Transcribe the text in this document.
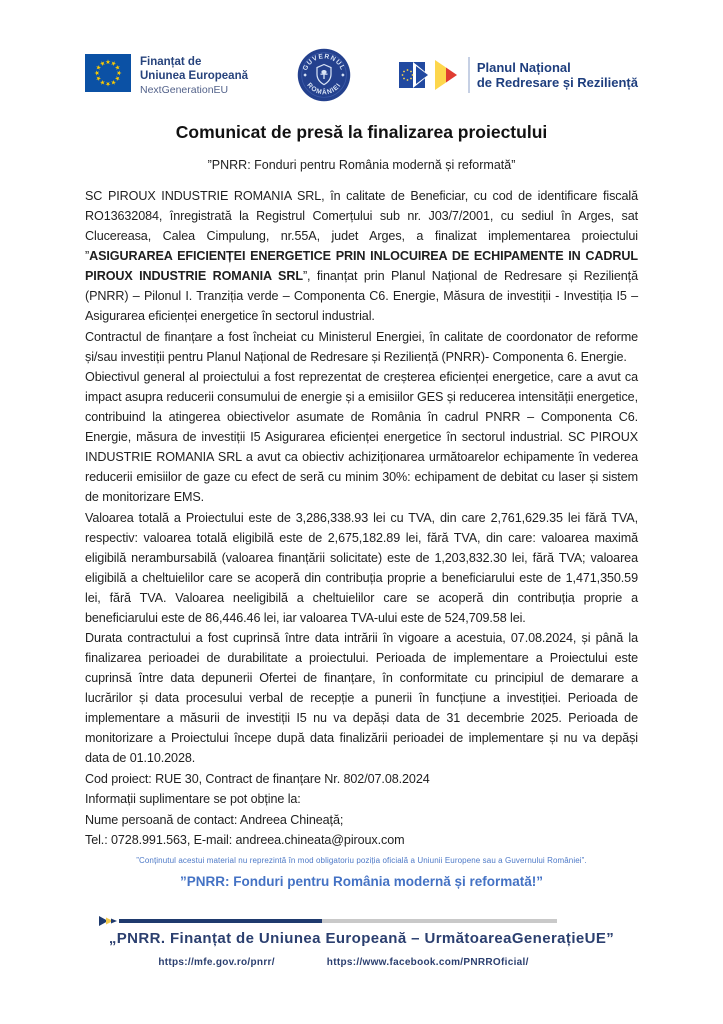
Finanțat de
Uniunea Europeană
NextGenerationEU
GUVERNUL
ROMÂNIEI
Planul Național
de Redresare și Reziliență
Comunicat de presă la finalizarea proiectului
”PNRR: Fonduri pentru România modernă și reformată”

SC PIROUX INDUSTRIE ROMANIA SRL, în calitate de Beneficiar, cu cod de identificare fiscală RO13632084, înregistrată la Registrul Comerțului sub nr. J03/7/2001, cu sediul în Arges, sat Clucereasa, Calea Cimpulung, nr.55A, judet Arges, a finalizat implementarea proiectului ”ASIGURAREA EFICIENȚEI ENERGETICE PRIN INLOCUIREA DE ECHIPAMENTE IN CADRUL PIROUX INDUSTRIE ROMANIA SRL”, finanțat prin Planul Național de Redresare și Reziliență (PNRR) – Pilonul I. Tranziția verde – Componenta C6. Energie, Măsura de investiții - Investiția I5 – Asigurarea eficienței energetice în sectorul industrial.

Contractul de finanțare a fost încheiat cu Ministerul Energiei, în calitate de coordonator de reforme și/sau investiții pentru Planul Național de Redresare și Reziliență (PNRR)- Componenta 6. Energie.

Obiectivul general al proiectului a fost reprezentat de creșterea eficienței energetice, care a avut ca impact asupra reducerii consumului de energie și a emisiilor GES și reducerea intensității energetice, contribuind la atingerea obiectivelor asumate de România în cadrul PNRR – Componenta C6. Energie, măsura de investiții I5 Asigurarea eficienței energetice în sectorul industrial. SC PIROUX INDUSTRIE ROMANIA SRL a avut ca obiectiv achiziționarea următoarelor echipamente în vederea reducerii emisiilor de gaze cu efect de seră cu minim 30%: echipament de debitat cu laser și sistem de monitorizare EMS.

Valoarea totală a Proiectului este de 3,286,338.93 lei cu TVA, din care 2,761,629.35 lei fără TVA, respectiv: valoarea totală eligibilă este de 2,675,182.89 lei, fără TVA, din care: valoarea maximă eligibilă nerambursabilă (valoarea finanțării solicitate) este de 1,203,832.30 lei, fără TVA; valoarea eligibilă a cheltuielilor care se acoperă din contribuția proprie a beneficiarului este de 1,471,350.59 lei, fără TVA. Valoarea neeligibilă a cheltuielilor care se acoperă din contribuția proprie a beneficiarului este de 86,446.46 lei, iar valoarea TVA-ului este de 524,709.58 lei.

Durata contractului a fost cuprinsă între data intrării în vigoare a acestuia, 07.08.2024, și până la finalizarea perioadei de durabilitate a proiectului. Perioada de implementare a Proiectului este cuprinsă între data depunerii Ofertei de finanțare, în conformitate cu principiul de demarare a lucrărilor și data procesului verbal de recepție a punerii în funcțiune a investiției. Perioada de implementare a măsurii de investiții I5 nu va depăși data de 31 decembrie 2025. Perioada de monitorizare a Proiectului începe după data finalizării perioadei de implementare și nu va depăși data de 01.10.2028.

Cod proiect: RUE 30, Contract de finanțare Nr. 802/07.08.2024

Informații suplimentare se pot obține la:

Nume persoană de contact: Andreea Chineață;

Tel.: 0728.991.563, E-mail: andreea.chineata@piroux.com

”Conținutul acestui material nu reprezintă în mod obligatoriu poziția oficială a Uniunii Europene sau a Guvernului României”.
”PNRR: Fonduri pentru România modernă și reformată!”
„PNRR. Finanțat de Uniunea Europeană – UrmătoareaGenerațieUE”
https://mfe.gov.ro/pnrr/	https://www.facebook.com/PNRROficial/
